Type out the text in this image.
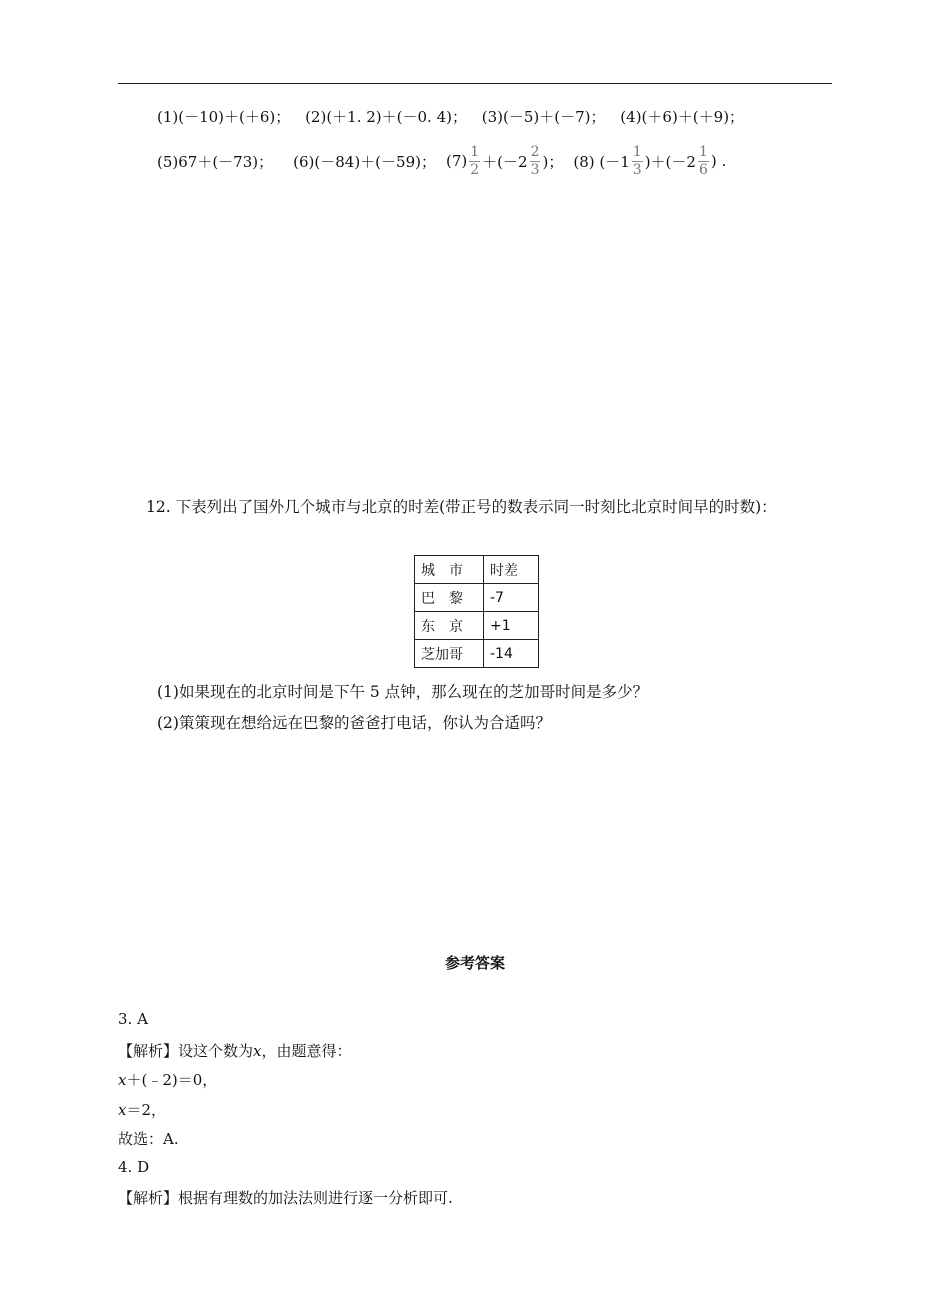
(1)(－10)＋(＋6)； (2)(＋1. 2)＋(－0. 4)； (3)(－5)＋(－7)； (4)(＋6)＋(＋9)；
(5)67＋(－73)； (6)(－84)＋(－59)； $(7) \frac{1}{2} +(-2 \frac{2}{3}$ )； (8) $(-1 \frac{1}{3} )+(-2 \frac{1}{6}$ ) .
12. 下表列出了国外几个城市与北京的时差(带正号的数表示同一时刻比北京时间早的时数)：
城　市	时差
巴　黎	-7
东　京	+1
芝加哥	-14
(1)如果现在的北京时间是下午 5 点钟，那么现在的芝加哥时间是多少？
(2)策策现在想给远在巴黎的爸爸打电话，你认为合适吗？
参考答案
3. A
【解析】设这个数为x，由题意得：
x＋(﹣2)＝0，
x＝2，
故选：A.
4. D
【解析】根据有理数的加法法则进行逐一分析即可.
